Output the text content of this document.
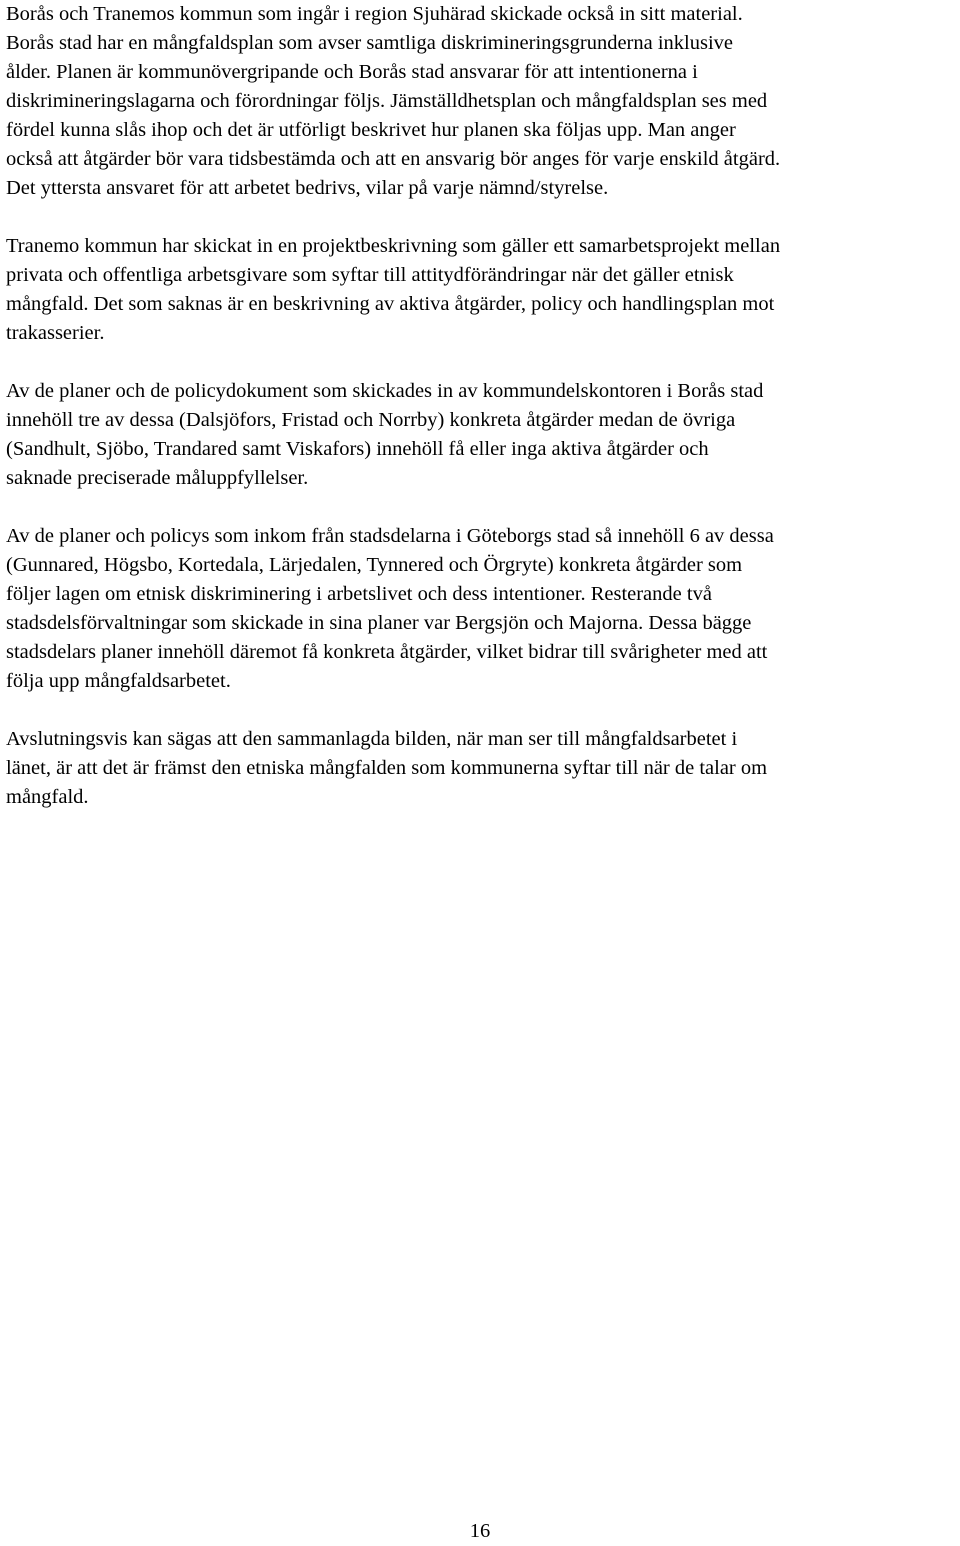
Borås och Tranemos kommun som ingår i region Sjuhärad skickade också in sitt material.
Borås stad har en mångfaldsplan som avser samtliga diskrimineringsgrunderna inklusive
ålder. Planen är kommunövergripande och Borås stad ansvarar för att intentionerna i
diskrimineringslagarna och förordningar följs. Jämställdhetsplan och mångfaldsplan ses med
fördel kunna slås ihop och det är utförligt beskrivet hur planen ska följas upp. Man anger
också att åtgärder bör vara tidsbestämda och att en ansvarig bör anges för varje enskild åtgärd.
Det yttersta ansvaret för att arbetet bedrivs, vilar på varje nämnd/styrelse.
Tranemo kommun har skickat in en projektbeskrivning som gäller ett samarbetsprojekt mellan
privata och offentliga arbetsgivare som syftar till attitydförändringar när det gäller etnisk
mångfald. Det som saknas är en beskrivning av aktiva åtgärder, policy och handlingsplan mot
trakasserier.
Av de planer och de policydokument som skickades in av kommundelskontoren i Borås stad
innehöll tre av dessa (Dalsjöfors, Fristad och Norrby) konkreta åtgärder medan de övriga
(Sandhult, Sjöbo, Trandared samt Viskafors) innehöll få eller inga aktiva åtgärder och
saknade preciserade måluppfyllelser.
Av de planer och policys som inkom från stadsdelarna i Göteborgs stad så innehöll 6 av dessa
(Gunnared, Högsbo, Kortedala, Lärjedalen, Tynnered och Örgryte) konkreta åtgärder som
följer lagen om etnisk diskriminering i arbetslivet och dess intentioner. Resterande två
stadsdelsförvaltningar som skickade in sina planer var Bergsjön och Majorna. Dessa bägge
stadsdelars planer innehöll däremot få konkreta åtgärder, vilket bidrar till svårigheter med att
följa upp mångfaldsarbetet.
Avslutningsvis kan sägas att den sammanlagda bilden, när man ser till mångfaldsarbetet i
länet, är att det är främst den etniska mångfalden som kommunerna syftar till när de talar om
mångfald.
16
